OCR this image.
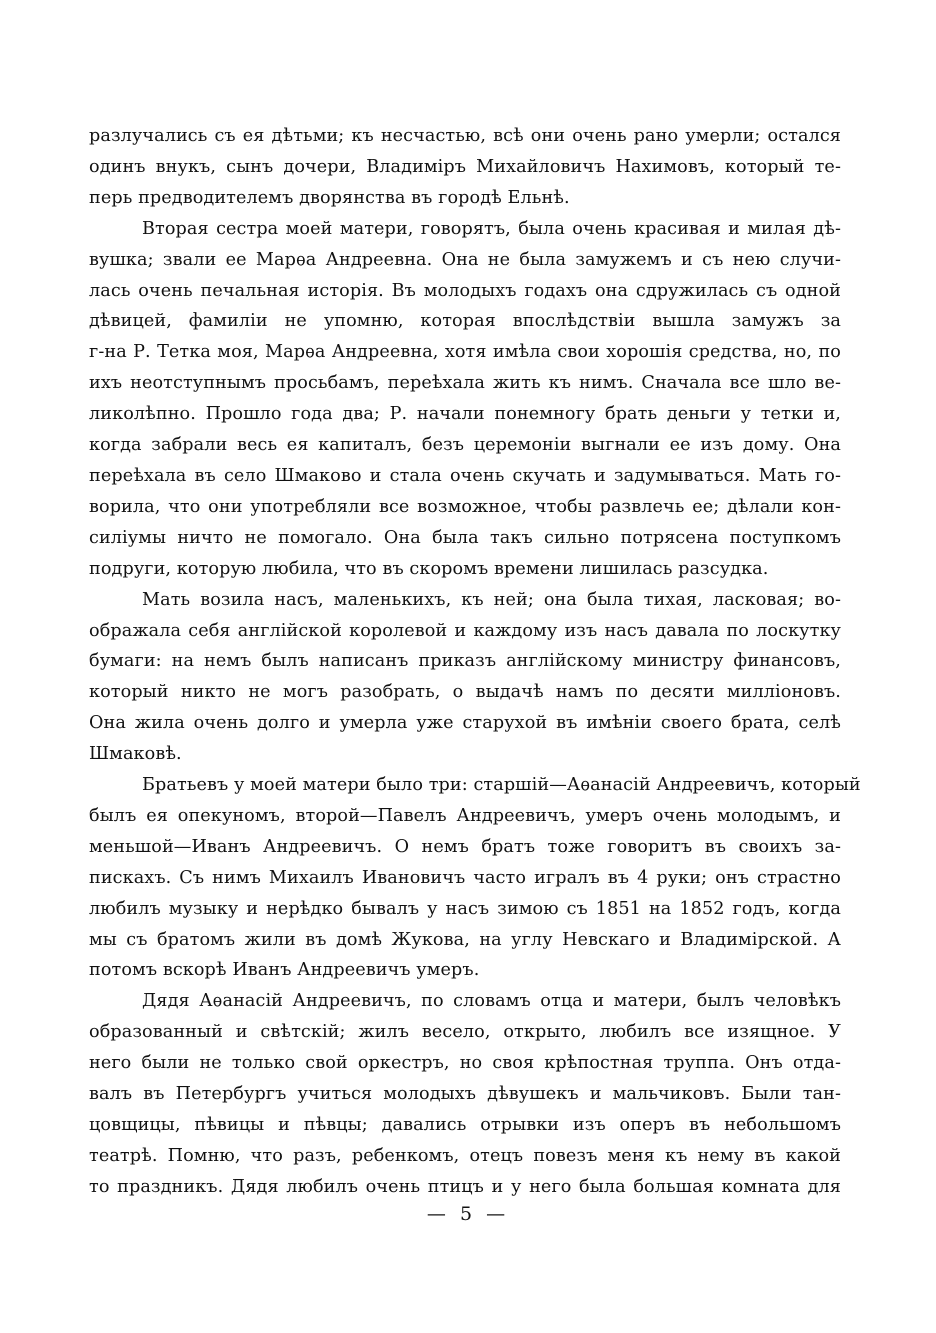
разлучались съ ея дѣтьми; къ несчастью, всѣ они очень рано умерли; остался
одинъ внукъ, сынъ дочери, Владиміръ Михайловичъ Нахимовъ, который те-
перь предводителемъ дворянства въ городѣ Ельнѣ.
Вторая сестра моей матери, говорятъ, была очень красивая и милая дѣ-
вушка; звали ее Марѳа Андреевна. Она не была замужемъ и съ нею случи-
лась очень печальная исторія. Въ молодыхъ годахъ она сдружилась съ одной
дѣвицей, фамиліи не упомню, которая впослѣдствіи вышла замужъ за
г-на Р. Тетка моя, Марѳа Андреевна, хотя имѣла свои хорошія средства, но, по
ихъ неотступнымъ просьбамъ, переѣхала жить къ нимъ. Сначала все шло ве-
ликолѣпно. Прошло года два; Р. начали понемногу брать деньги у тетки и,
когда забрали весь ея капиталъ, безъ церемоніи выгнали ее изъ дому. Она
переѣхала въ село Шмаково и стала очень скучать и задумываться. Мать го-
ворила, что они употребляли все возможное, чтобы развлечь ее; дѣлали кон-
силіумы ничто не помогало. Она была такъ сильно потрясена поступкомъ
подруги, которую любила, что въ скоромъ времени лишилась разсудка.
Мать возила насъ, маленькихъ, къ ней; она была тихая, ласковая; во-
ображала себя англійской королевой и каждому изъ насъ давала по лоскутку
бумаги: на немъ былъ написанъ приказъ англійскому министру финансовъ,
который никто не могъ разобрать, о выдачѣ намъ по десяти милліоновъ.
Она жила очень долго и умерла уже старухой въ имѣніи своего брата, селѣ
Шмаковѣ.
Братьевъ у моей матери было три: старшій—Аѳанасій Андреевичъ, который
былъ ея опекуномъ, второй—Павелъ Андреевичъ, умеръ очень молодымъ, и
меньшой—Иванъ Андреевичъ. О немъ братъ тоже говоритъ въ своихъ за-
пискахъ. Съ нимъ Михаилъ Ивановичъ часто игралъ въ 4 руки; онъ страстно
любилъ музыку и нерѣдко бывалъ у насъ зимою съ 1851 на 1852 годъ, когда
мы съ братомъ жили въ домѣ Жукова, на углу Невскаго и Владимірской. А
потомъ вскорѣ Иванъ Андреевичъ умеръ.
Дядя Аѳанасій Андреевичъ, по словамъ отца и матери, былъ человѣкъ
образованный и свѣтскій; жилъ весело, открыто, любилъ все изящное. У
него были не только свой оркестръ, но своя крѣпостная труппа. Онъ отда-
валъ въ Петербургъ учиться молодыхъ дѣвушекъ и мальчиковъ. Были тан-
цовщицы, пѣвицы и пѣвцы; давались отрывки изъ оперъ въ небольшомъ
театрѣ. Помню, что разъ, ребенкомъ, отецъ повезъ меня къ нему въ какой
то праздникъ. Дядя любилъ очень птицъ и у него была большая комната для
— 5 —
